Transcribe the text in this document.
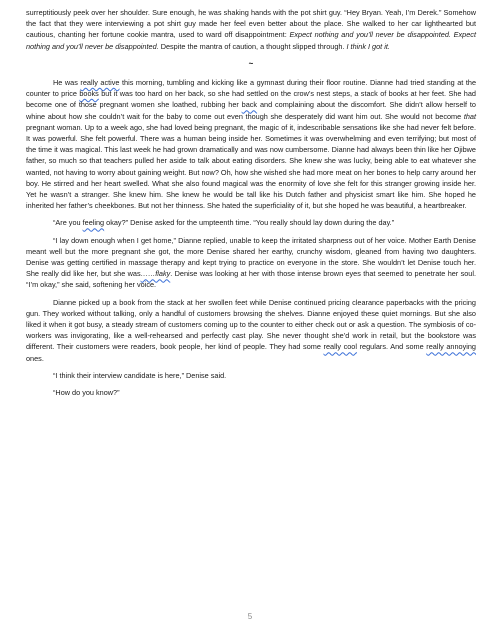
surreptitiously peek over her shoulder. Sure enough, he was shaking hands with the pot shirt guy. “Hey Bryan. Yeah, I’m Derek.” Somehow the fact that they were interviewing a pot shirt guy made her feel even better about the place. She walked to her car lighthearted but cautious, chanting her fortune cookie mantra, used to ward off disappointment: Expect nothing and you’ll never be disappointed. Expect nothing and you’ll never be disappointed. Despite the mantra of caution, a thought slipped through. I think I got it.

~

He was really active this morning, tumbling and kicking like a gymnast during their floor routine. Dianne had tried standing at the counter to price books but it was too hard on her back, so she had settled on the crow’s nest steps, a stack of books at her feet. She had become one of those pregnant women she loathed, rubbing her back and complaining about the discomfort. She didn’t allow herself to whine about how she couldn’t wait for the baby to come out even though she desperately did want him out. She would not become that pregnant woman. Up to a week ago, she had loved being pregnant, the magic of it, indescribable sensations like she had never felt before. It was powerful. She felt powerful. There was a human being inside her. Sometimes it was overwhelming and even terrifying; but most of the time it was magical. This last week he had grown dramatically and was now cumbersome. Dianne had always been thin like her Ojibwe father, so much so that teachers pulled her aside to talk about eating disorders. She knew she was lucky, being able to eat whatever she wanted, not having to worry about gaining weight. But now? Oh, how she wished she had more meat on her bones to help carry around her boy. He stirred and her heart swelled. What she also found magical was the enormity of love she felt for this stranger growing inside her. Yet he wasn’t a stranger. She knew him. She knew he would be tall like his Dutch father and physicist smart like him. She hoped he inherited her father’s cheekbones. But not her thinness. She hated the superficiality of it, but she hoped he was beautiful, a heartbreaker.

“Are you feeling okay?” Denise asked for the umpteenth time. “You really should lay down during the day.”

“I lay down enough when I get home,” Dianne replied, unable to keep the irritated sharpness out of her voice. Mother Earth Denise meant well but the more pregnant she got, the more Denise shared her earthy, crunchy wisdom, gleaned from having two daughters. Denise was getting certified in massage therapy and kept trying to practice on everyone in the store. She wouldn’t let Denise touch her. She really did like her, but she was……flaky. Denise was looking at her with those intense brown eyes that seemed to penetrate her soul. “I’m okay,” she said, softening her voice.

Dianne picked up a book from the stack at her swollen feet while Denise continued pricing clearance paperbacks with the pricing gun. They worked without talking, only a handful of customers browsing the shelves. Dianne enjoyed these quiet mornings. But she also liked it when it got busy, a steady stream of customers coming up to the counter to either check out or ask a question. The symbiosis of co-workers was invigorating, like a well-rehearsed and perfectly cast play. She never thought she’d work in retail, but the bookstore was different. Their customers were readers, book people, her kind of people. They had some really cool regulars. And some really annoying ones.

“I think their interview candidate is here,” Denise said.

“How do you know?”

5
